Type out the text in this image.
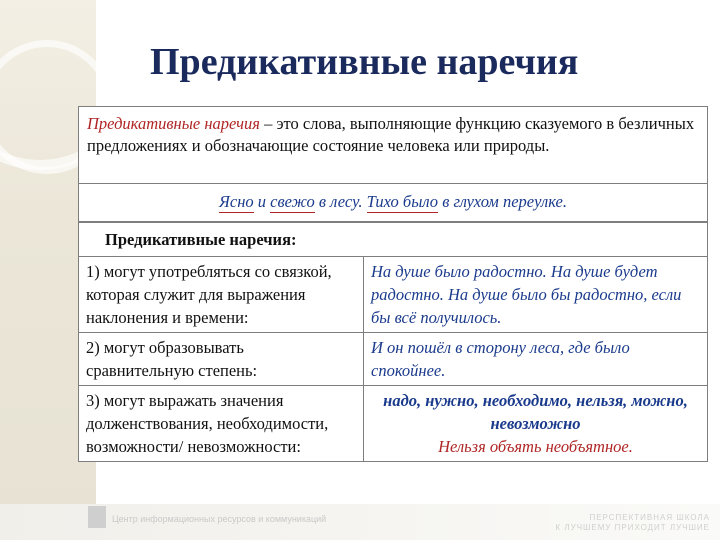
Предикативные наречия
Предикативные наречия – это слова, выполняющие функцию сказуемого в безличных предложениях и обозначающие состояние человека или природы.
Ясно и свежо в лесу. Тихо было в глухом переулке.
Предикативные наречия:	
1) могут употребляться со связкой, которая служит для выражения наклонения и времени:	На душе было радостно. На душе будет радостно. На душе было бы радостно, если бы всё получилось.
2) могут образовывать сравнительную степень:	И он пошёл в сторону леса, где было спокойнее.
3) могут выражать значения долженствования, необходимости, возможности/ невозможности:	надо, нужно, необходимо, нельзя, можно, невозможно
Нельзя объять необъятное.
Центр информационных ресурсов и коммуникаций	ПЕРСПЕКТИВНАЯ ШКОЛА
К ЛУЧШЕМУ ПРИХОДИТ ЛУЧШИЕ
